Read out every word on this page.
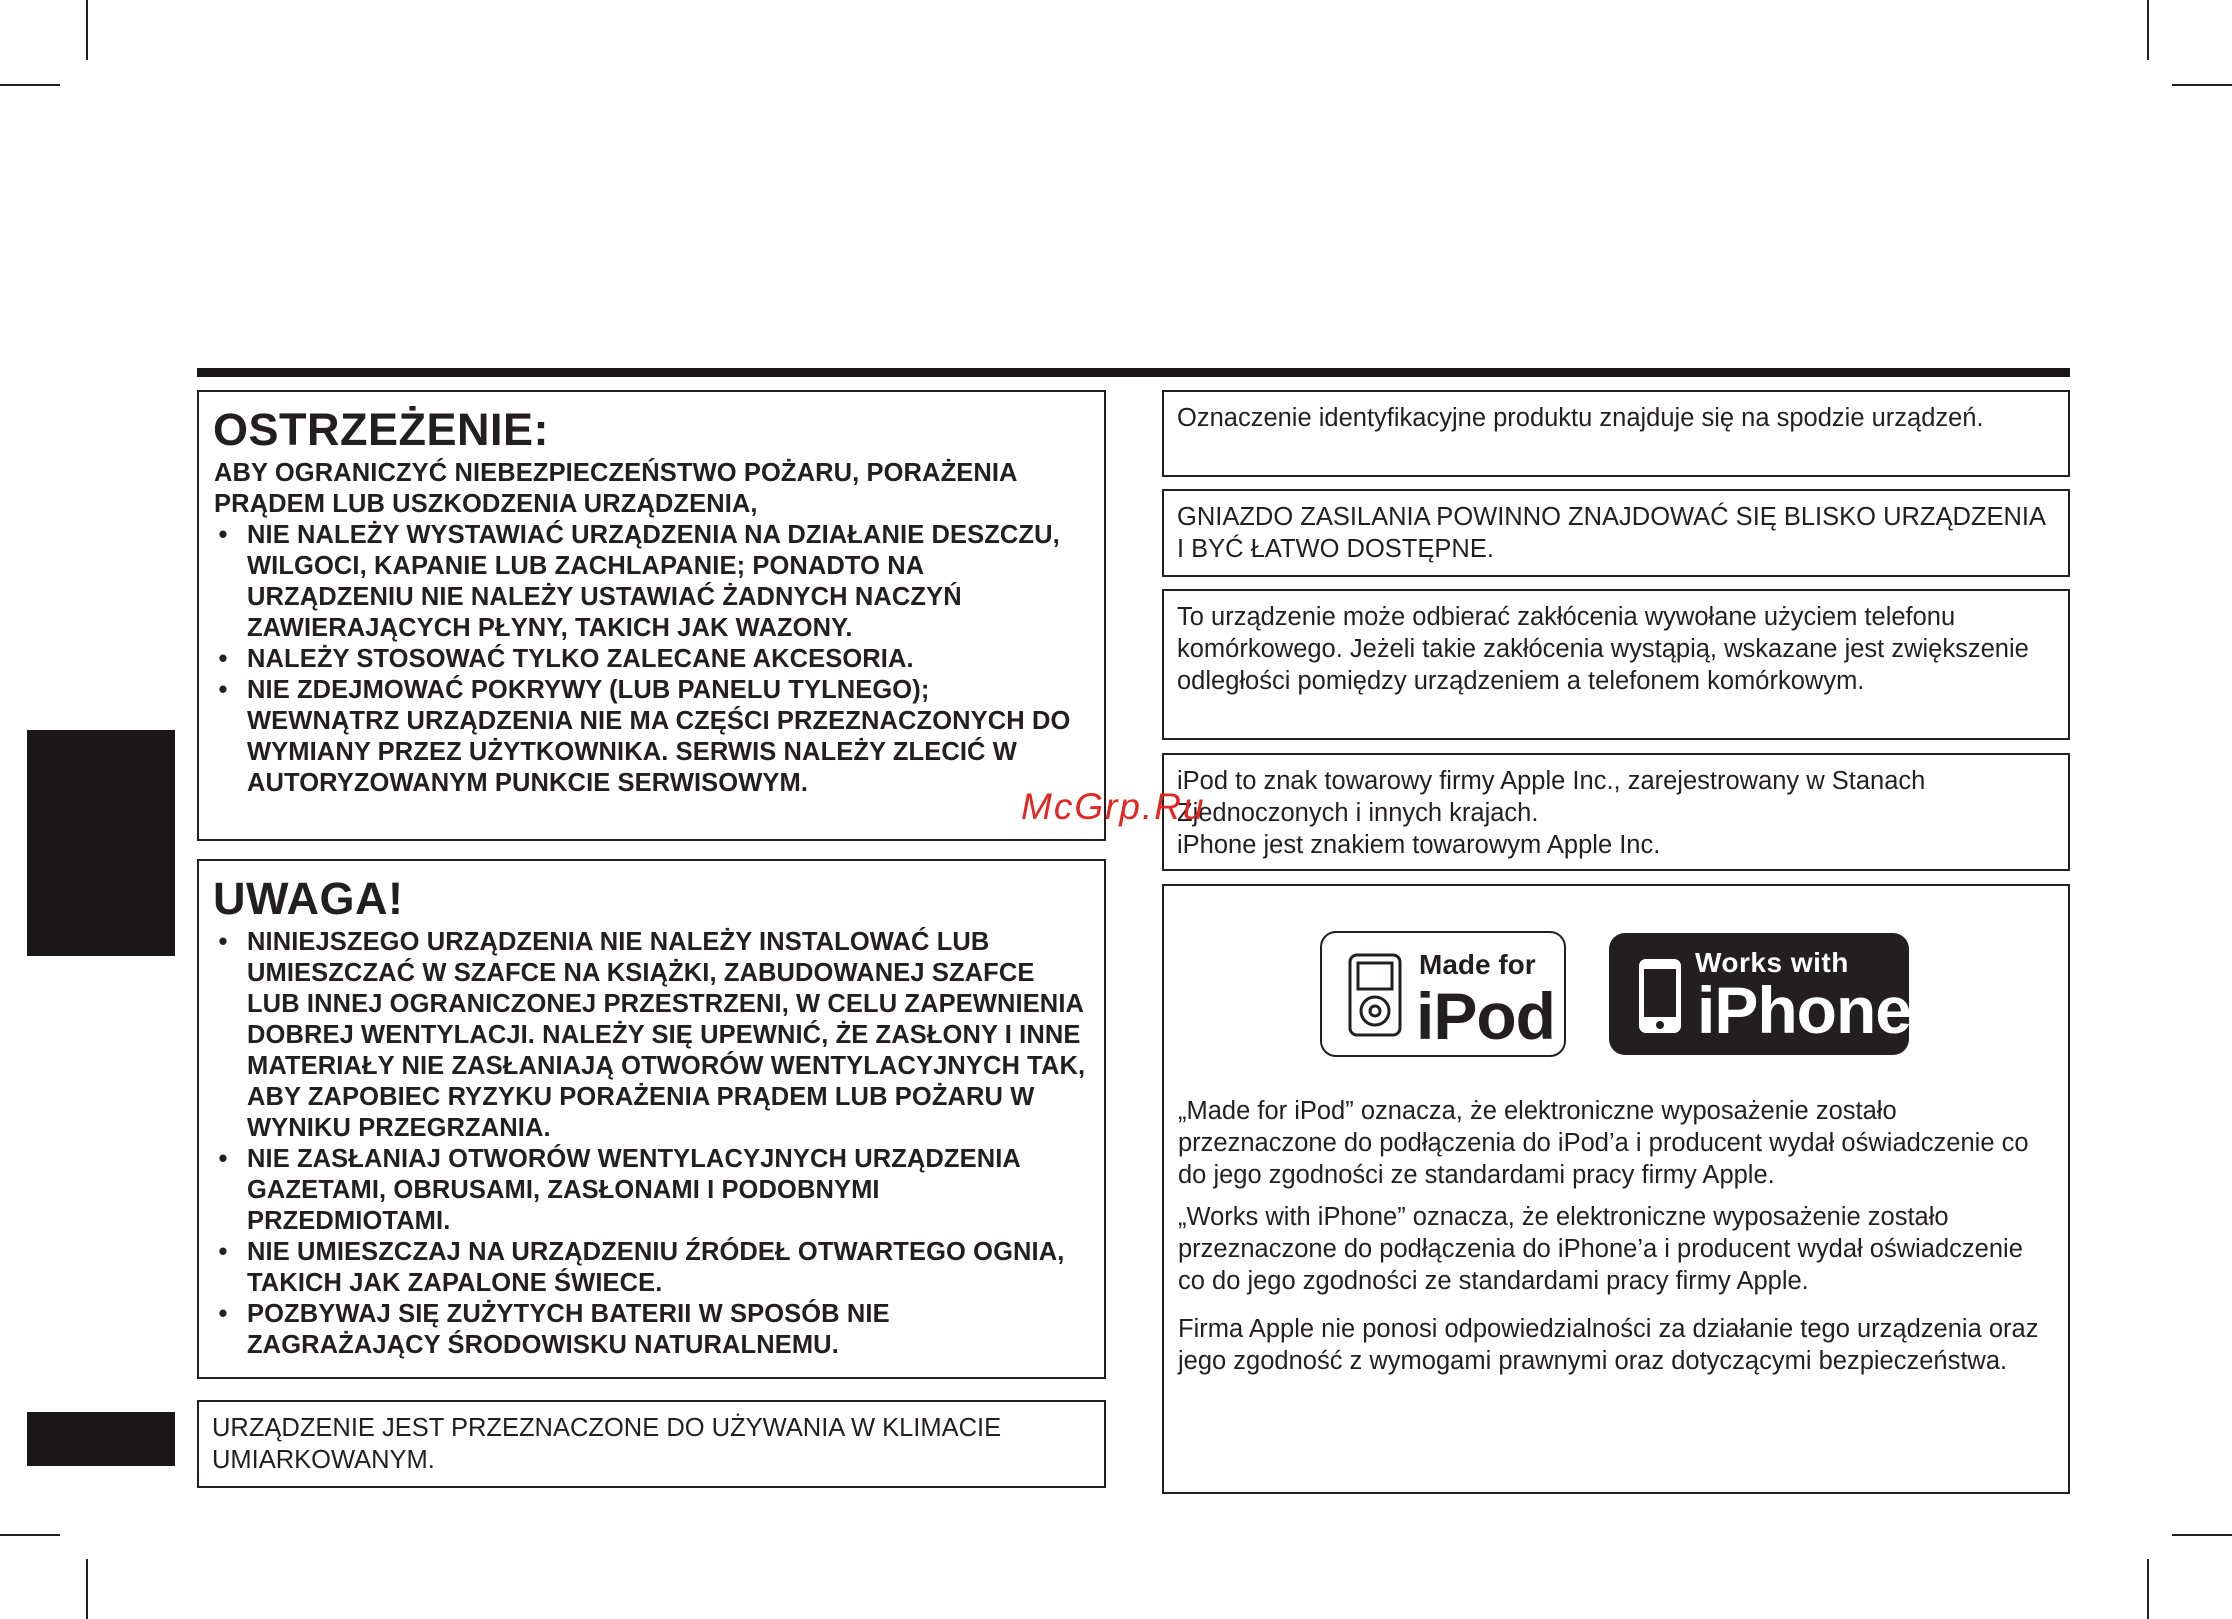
OSTRZEŻENIE:
ABY OGRANICZYĆ NIEBEZPIECZEŃSTWO POŻARU, PORAŻENIA PRĄDEM LUB USZKODZENIA URZĄDZENIA,
• NIE NALEŻY WYSTAWIAĆ URZĄDZENIA NA DZIAŁANIE DESZCZU, WILGOCI, KAPANIE LUB ZACHLAPANIE; PONADTO NA URZĄDZENIU NIE NALEŻY USTAWIAĆ ŻADNYCH NACZYŃ ZAWIERAJĄCYCH PŁYNY, TAKICH JAK WAZONY.
• NALEŻY STOSOWAĆ TYLKO ZALECANE AKCESORIA.
• NIE ZDEJMOWAĆ POKRYWY (LUB PANELU TYLNEGO); WEWNĄTRZ URZĄDZENIA NIE MA CZĘŚCI PRZEZNACZONYCH DO WYMIANY PRZEZ UŻYTKOWNIKA. SERWIS NALEŻY ZLECIĆ W AUTORYZOWANYM PUNKCIE SERWISOWYM.
UWAGA!
• NINIEJSZEGO URZĄDZENIA NIE NALEŻY INSTALOWAĆ LUB UMIESZCZAĆ W SZAFCE NA KSIĄŻKI, ZABUDOWANEJ SZAFCE LUB INNEJ OGRANICZONEJ PRZESTRZENI, W CELU ZAPEWNIENIA DOBREJ WENTYLACJI. NALEŻY SIĘ UPEWNIĆ, ŻE ZASŁONY I INNE MATERIAŁY NIE ZASŁANIAJĄ OTWORÓW WENTYLACYJNYCH TAK, ABY ZAPOBIEC RYZYKU PORAŻENIA PRĄDEM LUB POŻARU W WYNIKU PRZEGRZANIA.
• NIE ZASŁANIAJ OTWORÓW WENTYLACYJNYCH URZĄDZENIA GAZETAMI, OBRUSAMI, ZASŁONAMI I PODOBNYMI PRZEDMIOTAMI.
• NIE UMIESZCZAJ NA URZĄDZENIU ŹRÓDEŁ OTWARTEGO OGNIA, TAKICH JAK ZAPALONE ŚWIECE.
• POZBYWAJ SIĘ ZUŻYTYCH BATERII W SPOSÓB NIE ZAGRAŻAJĄCY ŚRODOWISKU NATURALNEMU.

URZĄDZENIE JEST PRZEZNACZONE DO UŻYWANIA W KLIMACIE UMIARKOWANYM.

Oznaczenie identyfikacyjne produktu znajduje się na spodzie urządzeń.

GNIAZDO ZASILANIA POWINNO ZNAJDOWAĆ SIĘ BLISKO URZĄDZENIA I BYĆ ŁATWO DOSTĘPNE.

To urządzenie może odbierać zakłócenia wywołane użyciem telefonu komórkowego. Jeżeli takie zakłócenia wystąpią, wskazane jest zwiększenie odległości pomiędzy urządzeniem a telefonem komórkowym.

iPod to znak towarowy firmy Apple Inc., zarejestrowany w Stanach Zjednoczonych i innych krajach.

iPhone jest znakiem towarowym Apple Inc.

Made for
iPod
Works with
iPhone

„Made for iPod” oznacza, że elektroniczne wyposażenie zostało przeznaczone do podłączenia do iPod’a i producent wydał oświadczenie co do jego zgodności ze standardami pracy firmy Apple.

„Works with iPhone” oznacza, że elektroniczne wyposażenie zostało przeznaczone do podłączenia do iPhone’a i producent wydał oświadczenie co do jego zgodności ze standardami pracy firmy Apple.

Firma Apple nie ponosi odpowiedzialności za działanie tego urządzenia oraz jego zgodność z wymogami prawnymi oraz dotyczącymi bezpieczeństwa.

McGrp.Ru
